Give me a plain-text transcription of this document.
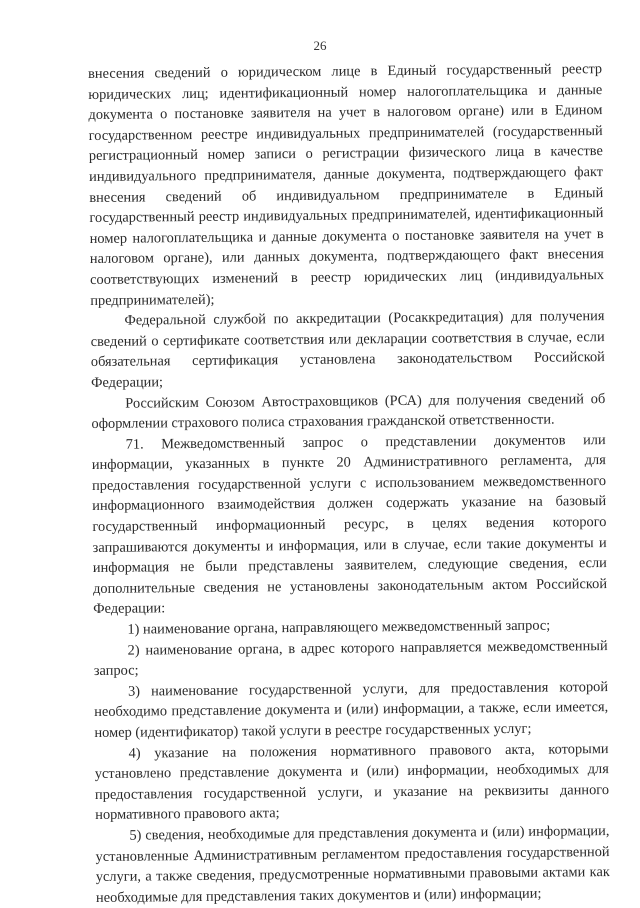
26

внесения сведений о юридическом лице в Единый государственный реестр юридических лиц; идентификационный номер налогоплательщика и данные документа о постановке заявителя на учет в налоговом органе) или в Едином государственном реестре индивидуальных предпринимателей (государственный регистрационный номер записи о регистрации физического лица в качестве индивидуального предпринимателя, данные документа, подтверждающего факт внесения сведений об индивидуальном предпринимателе в Единый государственный реестр индивидуальных предпринимателей, идентификационный номер налогоплательщика и данные документа о постановке заявителя на учет в налоговом органе), или данных документа, подтверждающего факт внесения соответствующих изменений в реестр юридических лиц (индивидуальных предпринимателей);

Федеральной службой по аккредитации (Росаккредитация) для получения сведений о сертификате соответствия или декларации соответствия в случае, если обязательная сертификация установлена законодательством Российской Федерации;

Российским Союзом Автостраховщиков (РСА) для получения сведений об оформлении страхового полиса страхования гражданской ответственности.

71. Межведомственный запрос о представлении документов или информации, указанных в пункте 20 Административного регламента, для предоставления государственной услуги с использованием межведомственного информационного взаимодействия должен содержать указание на базовый государственный информационный ресурс, в целях ведения которого запрашиваются документы и информация, или в случае, если такие документы и информация не были представлены заявителем, следующие сведения, если дополнительные сведения не установлены законодательным актом Российской Федерации:

1) наименование органа, направляющего межведомственный запрос;

2) наименование органа, в адрес которого направляется межведомственный запрос;

3) наименование государственной услуги, для предоставления которой необходимо представление документа и (или) информации, а также, если имеется, номер (идентификатор) такой услуги в реестре государственных услуг;

4) указание на положения нормативного правового акта, которыми установлено представление документа и (или) информации, необходимых для предоставления государственной услуги, и указание на реквизиты данного нормативного правового акта;

5) сведения, необходимые для представления документа и (или) информации, установленные Административным регламентом предоставления государственной услуги, а также сведения, предусмотренные нормативными правовыми актами как необходимые для представления таких документов и (или) информации;
